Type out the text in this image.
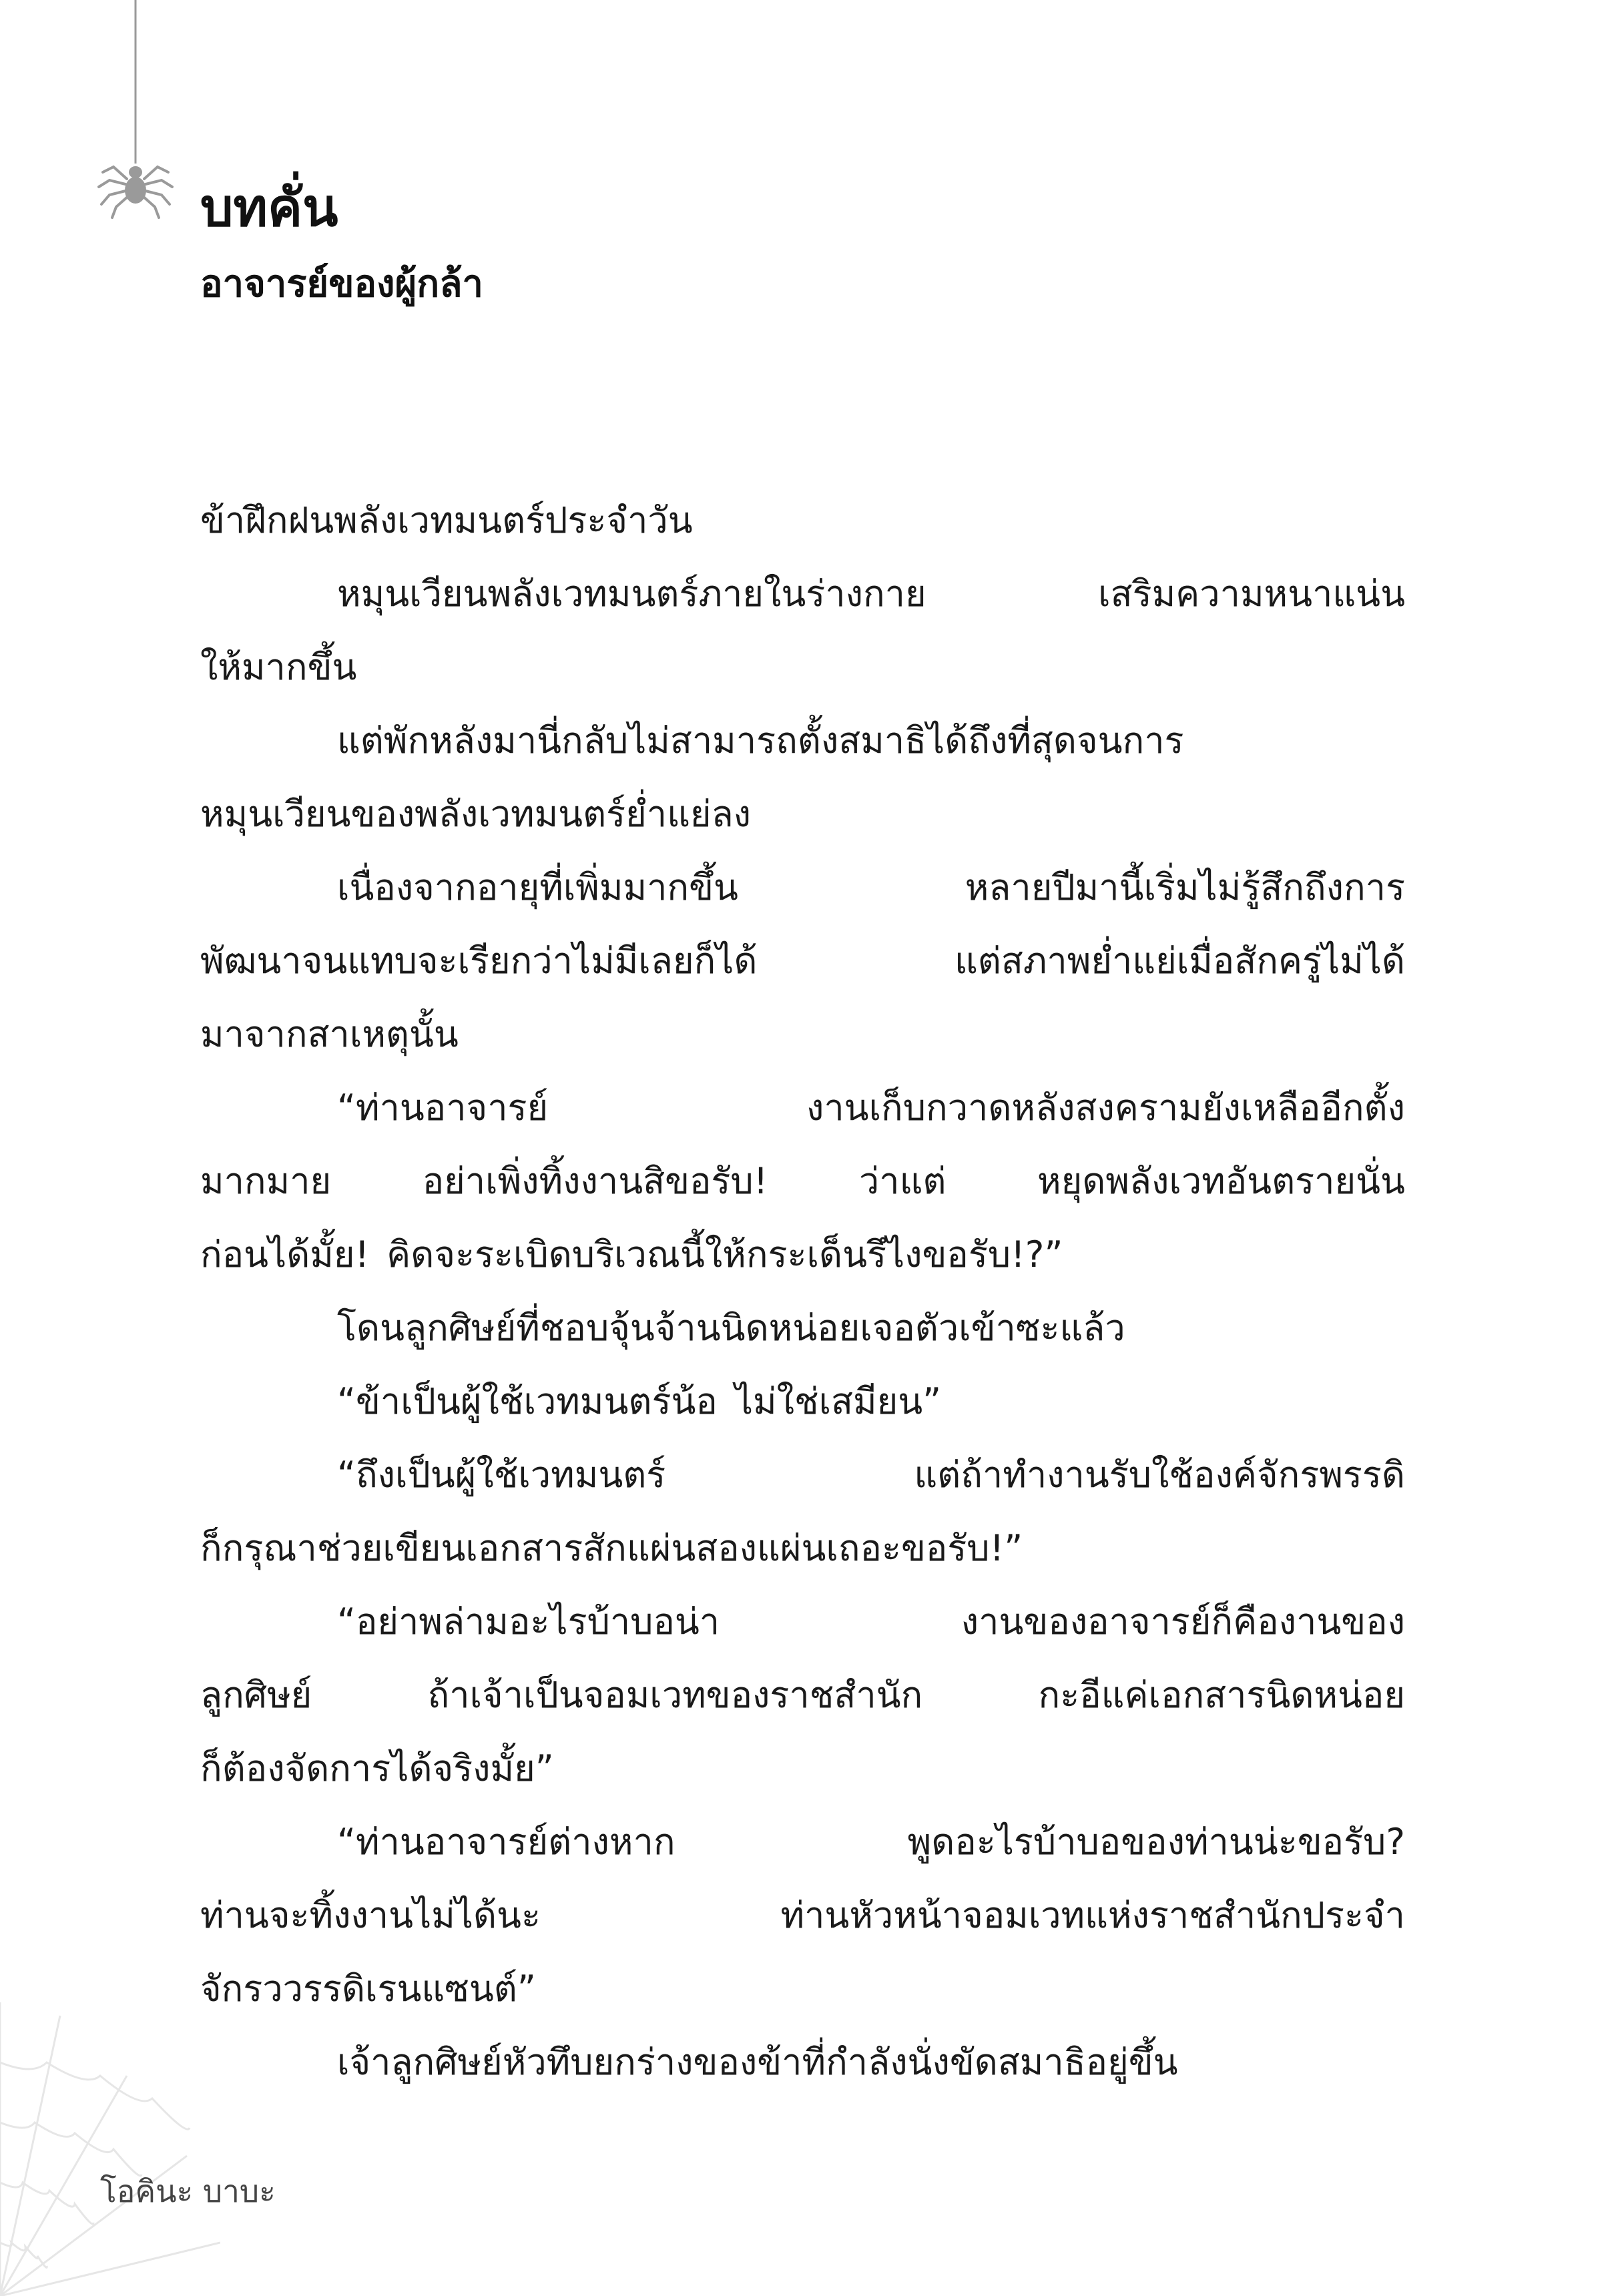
บทคั่น
อาจารย์ของผู้กล้า
ข้าฝึกฝนพลังเวทมนตร์ประจำวัน
หมุนเวียนพลังเวทมนตร์ภายในร่างกาย	เสริมความหนาแน่น
ให้มากขึ้น
แต่พักหลังมานี่กลับไม่สามารถตั้งสมาธิได้ถึงที่สุดจนการ
หมุนเวียนของพลังเวทมนตร์ย่ำแย่ลง
เนื่องจากอายุที่เพิ่มมากขึ้น	หลายปีมานี้เริ่มไม่รู้สึกถึงการ
พัฒนาจนแทบจะเรียกว่าไม่มีเลยก็ได้	แต่สภาพย่ำแย่เมื่อสักครู่ไม่ได้
มาจากสาเหตุนั้น
“ท่านอาจารย์	งานเก็บกวาดหลังสงครามยังเหลืออีกตั้ง
มากมาย	อย่าเพิ่งทิ้งงานสิขอรับ!	ว่าแต่	หยุดพลังเวทอันตรายนั่น
ก่อนได้มั้ย! คิดจะระเบิดบริเวณนี้ให้กระเด็นรึไงขอรับ!?”
โดนลูกศิษย์ที่ชอบจุ้นจ้านนิดหน่อยเจอตัวเข้าซะแล้ว
“ข้าเป็นผู้ใช้เวทมนตร์น้อ ไม่ใช่เสมียน”
“ถึงเป็นผู้ใช้เวทมนตร์	แต่ถ้าทำงานรับใช้องค์จักรพรรดิ
ก็กรุณาช่วยเขียนเอกสารสักแผ่นสองแผ่นเถอะขอรับ!”
“อย่าพล่ามอะไรบ้าบอน่า	งานของอาจารย์ก็คืองานของ
ลูกศิษย์	ถ้าเจ้าเป็นจอมเวทของราชสำนัก	กะอีแค่เอกสารนิดหน่อย
ก็ต้องจัดการได้จริงมั้ย”
“ท่านอาจารย์ต่างหาก	พูดอะไรบ้าบอของท่านน่ะขอรับ?
ท่านจะทิ้งงานไม่ได้นะ	ท่านหัวหน้าจอมเวทแห่งราชสำนักประจำ
จักรววรรดิเรนแซนต์”
เจ้าลูกศิษย์หัวทึบยกร่างของข้าที่กำลังนั่งขัดสมาธิอยู่ขึ้น
โอคินะ บาบะ
